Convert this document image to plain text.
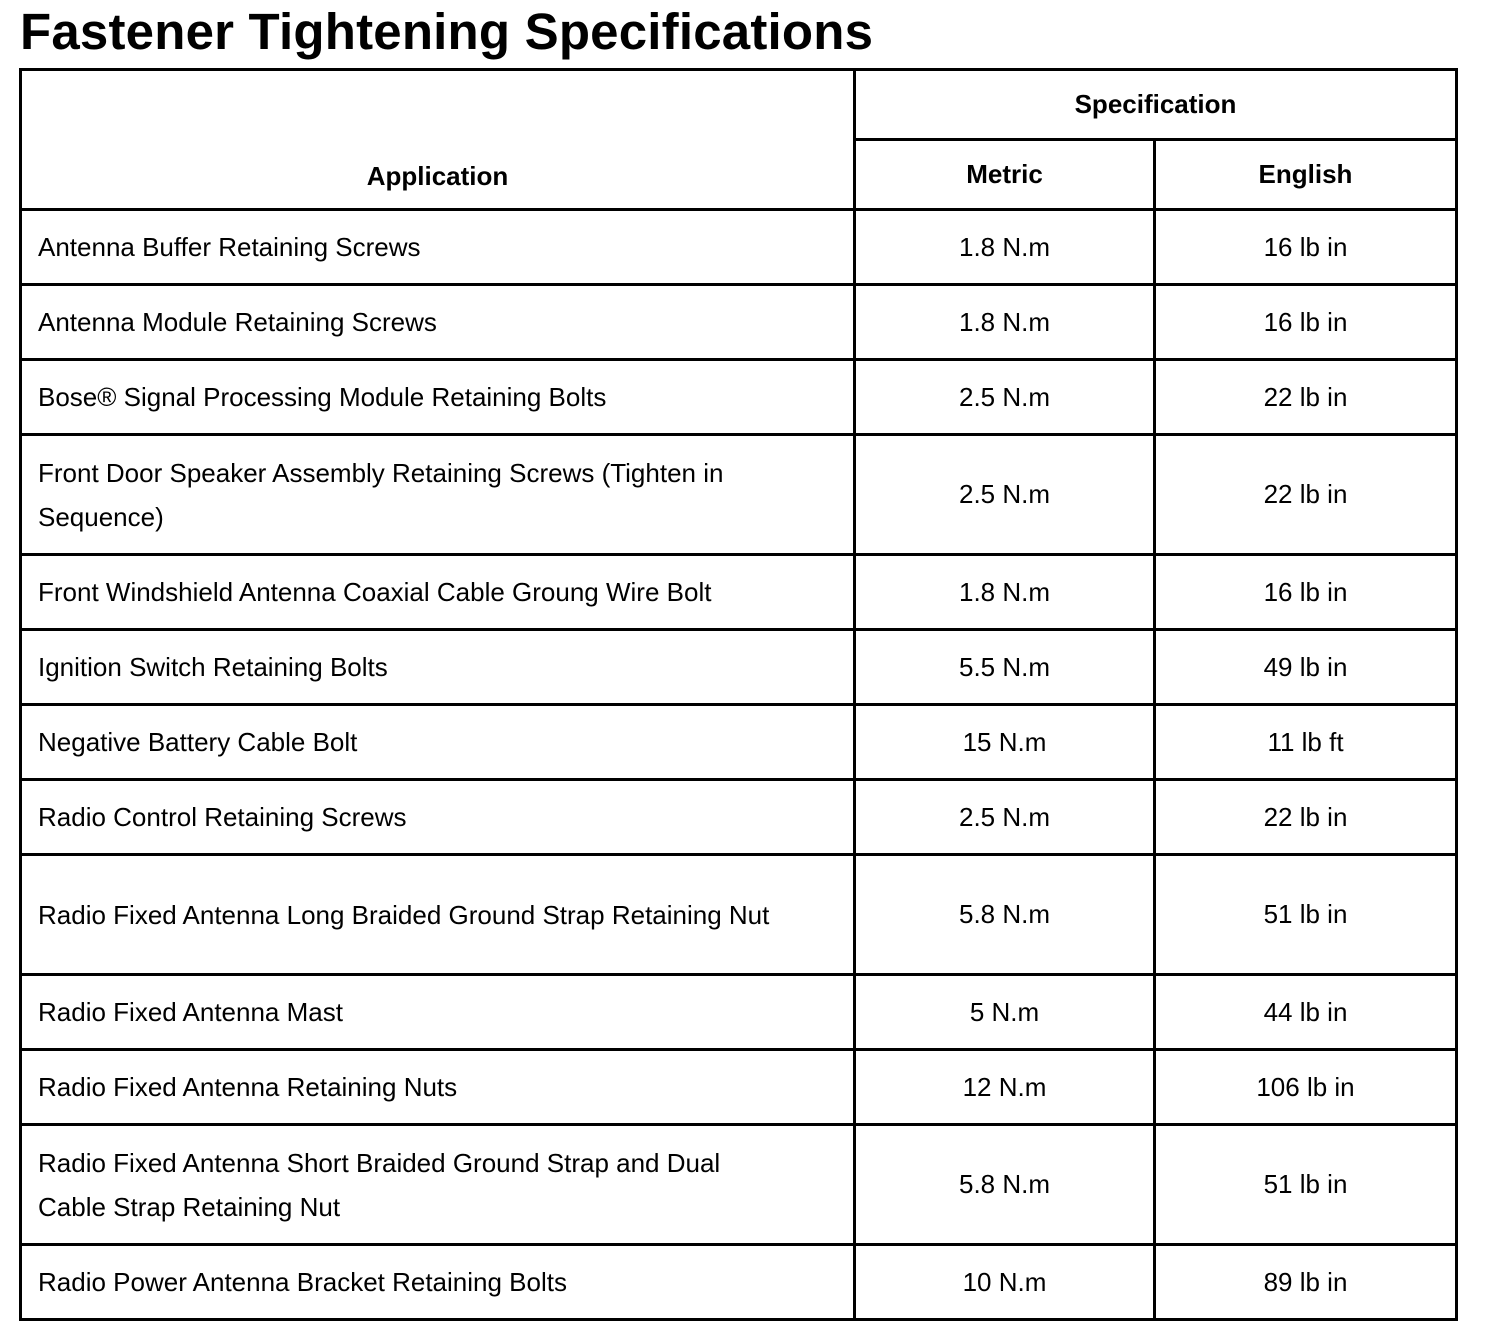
Fastener Tightening Specifications
Application	Specification	
	Metric	English
Antenna Buffer Retaining Screws	1.8 N.m	16 lb in
Antenna Module Retaining Screws	1.8 N.m	16 lb in
Bose® Signal Processing Module Retaining Bolts	2.5 N.m	22 lb in
Front Door Speaker Assembly Retaining Screws (Tighten in Sequence)	2.5 N.m	22 lb in
Front Windshield Antenna Coaxial Cable Groung Wire Bolt	1.8 N.m	16 lb in
Ignition Switch Retaining Bolts	5.5 N.m	49 lb in
Negative Battery Cable Bolt	15 N.m	11 lb ft
Radio Control Retaining Screws	2.5 N.m	22 lb in
Radio Fixed Antenna Long Braided Ground Strap Retaining Nut	5.8 N.m	51 lb in
Radio Fixed Antenna Mast	5 N.m	44 lb in
Radio Fixed Antenna Retaining Nuts	12 N.m	106 lb in
Radio Fixed Antenna Short Braided Ground Strap and Dual Cable Strap Retaining Nut	5.8 N.m	51 lb in
Radio Power Antenna Bracket Retaining Bolts	10 N.m	89 lb in
